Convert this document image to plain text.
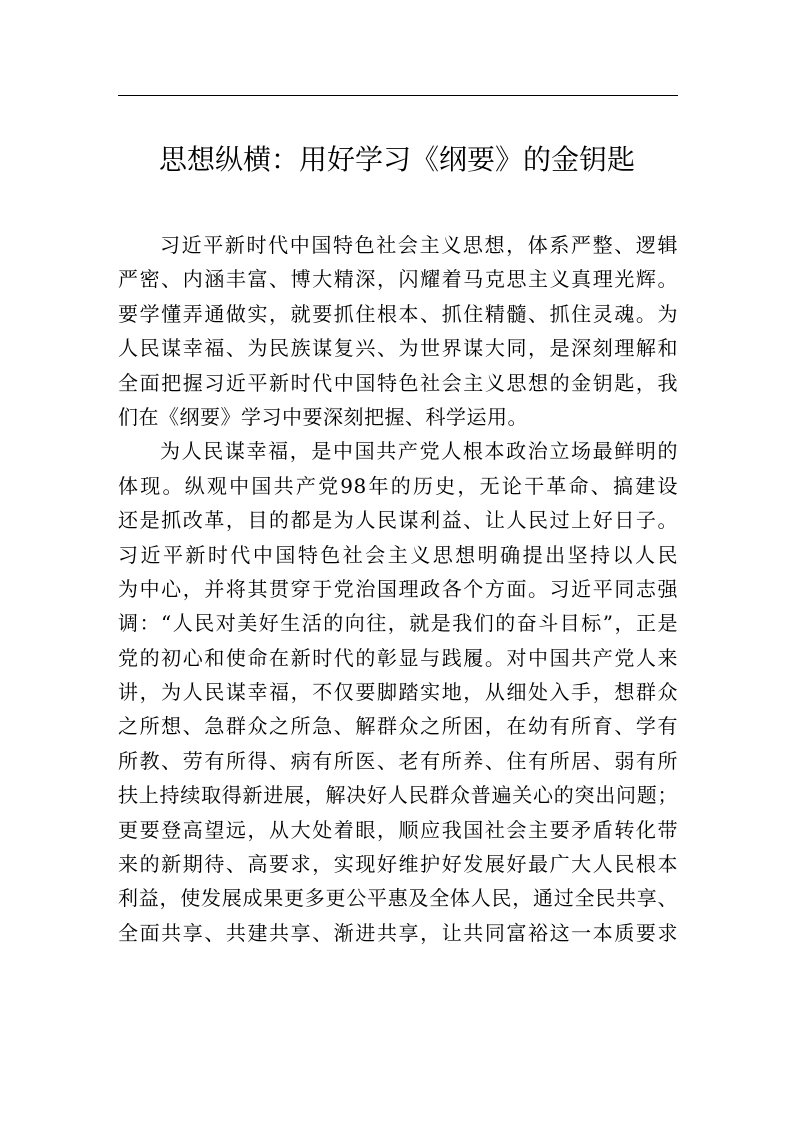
思想纵横：用好学习《纲要》的金钥匙
习近平新时代中国特色社会主义思想，体系严整、逻辑
严密、内涵丰富、博大精深，闪耀着马克思主义真理光辉。
要学懂弄通做实，就要抓住根本、抓住精髓、抓住灵魂。为
人民谋幸福、为民族谋复兴、为世界谋大同，是深刻理解和
全面把握习近平新时代中国特色社会主义思想的金钥匙，我
们在《纲要》学习中要深刻把握、科学运用。
为人民谋幸福，是中国共产党人根本政治立场最鲜明的
体现。纵观中国共产党98年的历史，无论干革命、搞建设
还是抓改革，目的都是为人民谋利益、让人民过上好日子。
习近平新时代中国特色社会主义思想明确提出坚持以人民
为中心，并将其贯穿于党治国理政各个方面。习近平同志强
调：“人民对美好生活的向往，就是我们的奋斗目标”，正是
党的初心和使命在新时代的彰显与践履。对中国共产党人来
讲，为人民谋幸福，不仅要脚踏实地，从细处入手，想群众
之所想、急群众之所急、解群众之所困，在幼有所育、学有
所教、劳有所得、病有所医、老有所养、住有所居、弱有所
扶上持续取得新进展，解决好人民群众普遍关心的突出问题；
更要登高望远，从大处着眼，顺应我国社会主要矛盾转化带
来的新期待、高要求，实现好维护好发展好最广大人民根本
利益，使发展成果更多更公平惠及全体人民，通过全民共享、
全面共享、共建共享、渐进共享，让共同富裕这一本质要求
